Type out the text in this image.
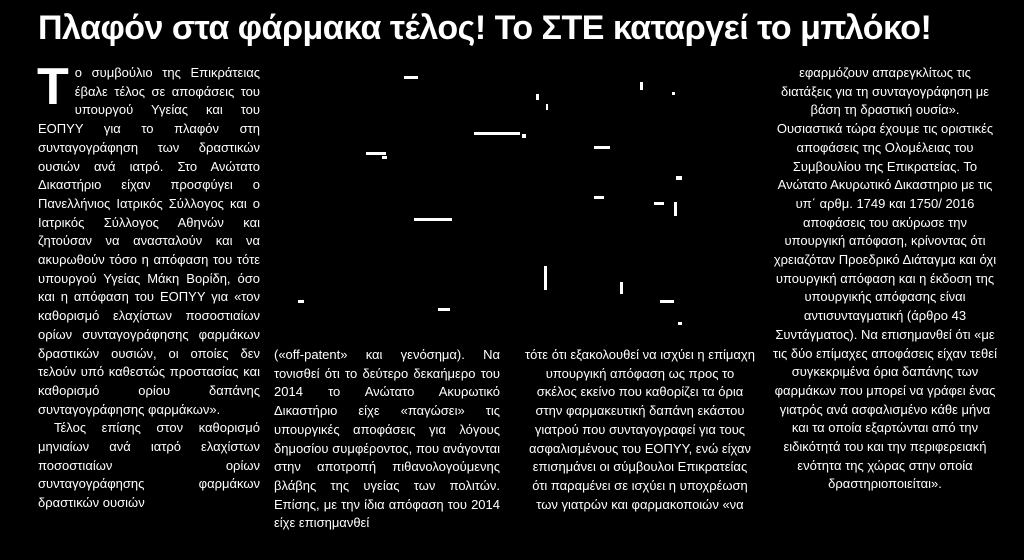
Πλαφόν στα φάρμακα τέλος! Το ΣΤΕ καταργεί το μπλόκο!
Τ ο συμβούλιο της Επικράτειας έβαλε τέλος σε αποφάσεις του υπουργού Υγείας και του ΕΟΠΥΥ για το πλαφόν στη συνταγογράφηση των δραστικών ουσιών ανά ιατρό. Στο Ανώτατο Δικαστήριο είχαν προσφύγει ο Πανελλήνιος Ιατρικός Σύλλογος και ο Ιατρικός Σύλλογος Αθηνών και ζητούσαν να ανασταλούν και να ακυρωθούν τόσο η απόφαση του τότε υπουργού Υγείας Μάκη Βορίδη, όσο και η απόφαση του ΕΟΠΥΥ για «τον καθορισμό ελαχίστων ποσοστιαίων ορίων συνταγογράφησης φαρμάκων δραστικών ουσιών, οι οποίες δεν τελούν υπό καθεστώς προστασίας και καθορισμό ορίου δαπάνης συνταγογράφησης φαρμάκων».

Τέλος επίσης στον καθορισμό μηνιαίων ανά ιατρό ελαχίστων ποσοστιαίων ορίων συνταγογράφησης φαρμάκων δραστικών ουσιών

(«off-patent» και γενόσημα). Να τονισθεί ότι το δεύτερο δεκαήμερο του 2014 το Ανώτατο Ακυρωτικό Δικαστήριο είχε «παγώσει» τις υπουργικές αποφάσεις για λόγους δημοσίου συμφέροντος, που ανάγονται στην αποτροπή πιθανολογούμενης βλάβης της υγείας των πολιτών. Επίσης, με την ίδια απόφαση του 2014 είχε επισημανθεί

τότε ότι εξακολουθεί να ισχύει η επίμαχη υπουργική απόφαση ως προς το σκέλος εκείνο που καθορίζει τα όρια στην φαρμακευτική δαπάνη εκάστου γιατρού που συνταγογραφεί για τους ασφαλισμένους του ΕΟΠΥΥ, ενώ είχαν επισημάνει οι σύμβουλοι Επικρατείας ότι παραμένει σε ισχύει η υποχρέωση των γιατρών και φαρμακοποιών «να

εφαρμόζουν απαρεγκλίτως τις διατάξεις για τη συνταγογράφηση με βάση τη δραστική ουσία».

Ουσιαστικά τώρα έχουμε τις οριστικές αποφάσεις της Ολομέλειας του Συμβουλίου της Επικρατείας. Το Ανώτατο Ακυρωτικό Δικαστηριο με τις υπ΄ αρθμ. 1749 και 1750/ 2016 αποφάσεις του ακύρωσε την υπουργική απόφαση, κρίνοντας ότι χρειαζόταν Προεδρικό Διάταγμα και όχι υπουργική απόφαση και η έκδοση της υπουργικής απόφασης είναι αντισυνταγματική (άρθρο 43 Συντάγματος). Να επισημανθεί ότι «με τις δύο επίμαχες αποφάσεις είχαν τεθεί συγκεκριμένα όρια δαπάνης των φαρμάκων που μπορεί να γράφει ένας γιατρός ανά ασφαλισμένο κάθε μήνα και τα οποία εξαρτώνται από την ειδικότητά του και την περιφερειακή ενότητα της χώρας στην οποία δραστηριοποιείται».
